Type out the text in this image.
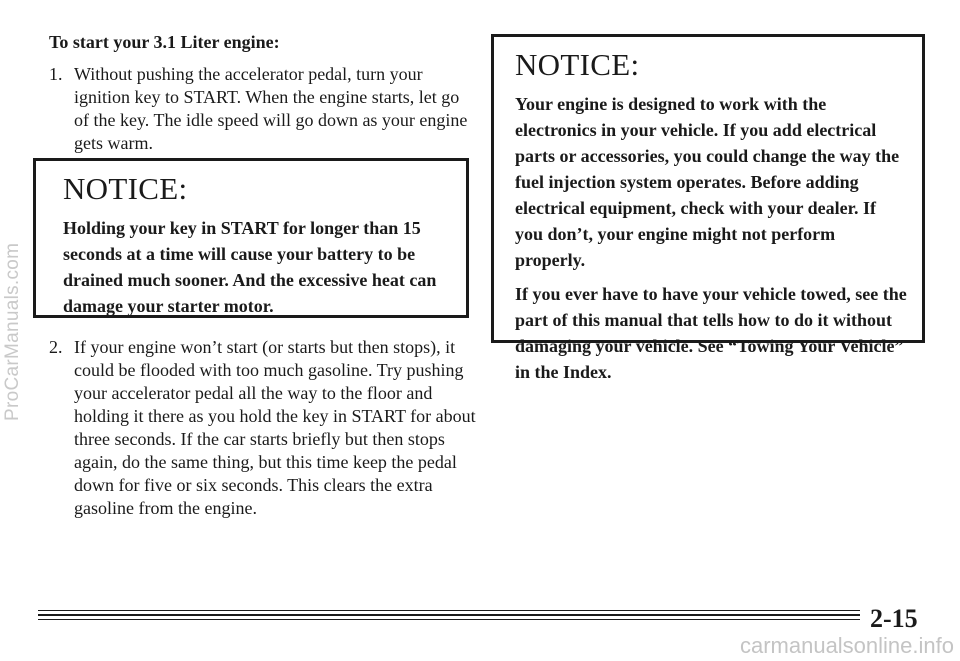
ProCarManuals.com
To start your 3.1 Liter engine:
1. Without pushing the accelerator pedal, turn your ignition key to START. When the engine starts, let go of the key. The idle speed will go down as your engine gets warm.
NOTICE:

Holding your key in START for longer than 15 seconds at a time will cause your battery to be drained much sooner. And the excessive heat can damage your starter motor.

2. If your engine won’t start (or starts but then stops), it could be flooded with too much gasoline. Try pushing your accelerator pedal all the way to the floor and holding it there as you hold the key in START for about three seconds. If the car starts briefly but then stops again, do the same thing, but this time keep the pedal down for five or six seconds. This clears the extra gasoline from the engine.
NOTICE:

Your engine is designed to work with the electronics in your vehicle. If you add electrical parts or accessories, you could change the way the fuel injection system operates. Before adding electrical equipment, check with your dealer. If you don’t, your engine might not perform properly.

If you ever have to have your vehicle towed, see the part of this manual that tells how to do it without damaging your vehicle. See “Towing Your Vehicle” in the Index.

2-15
carmanualsonline.info
